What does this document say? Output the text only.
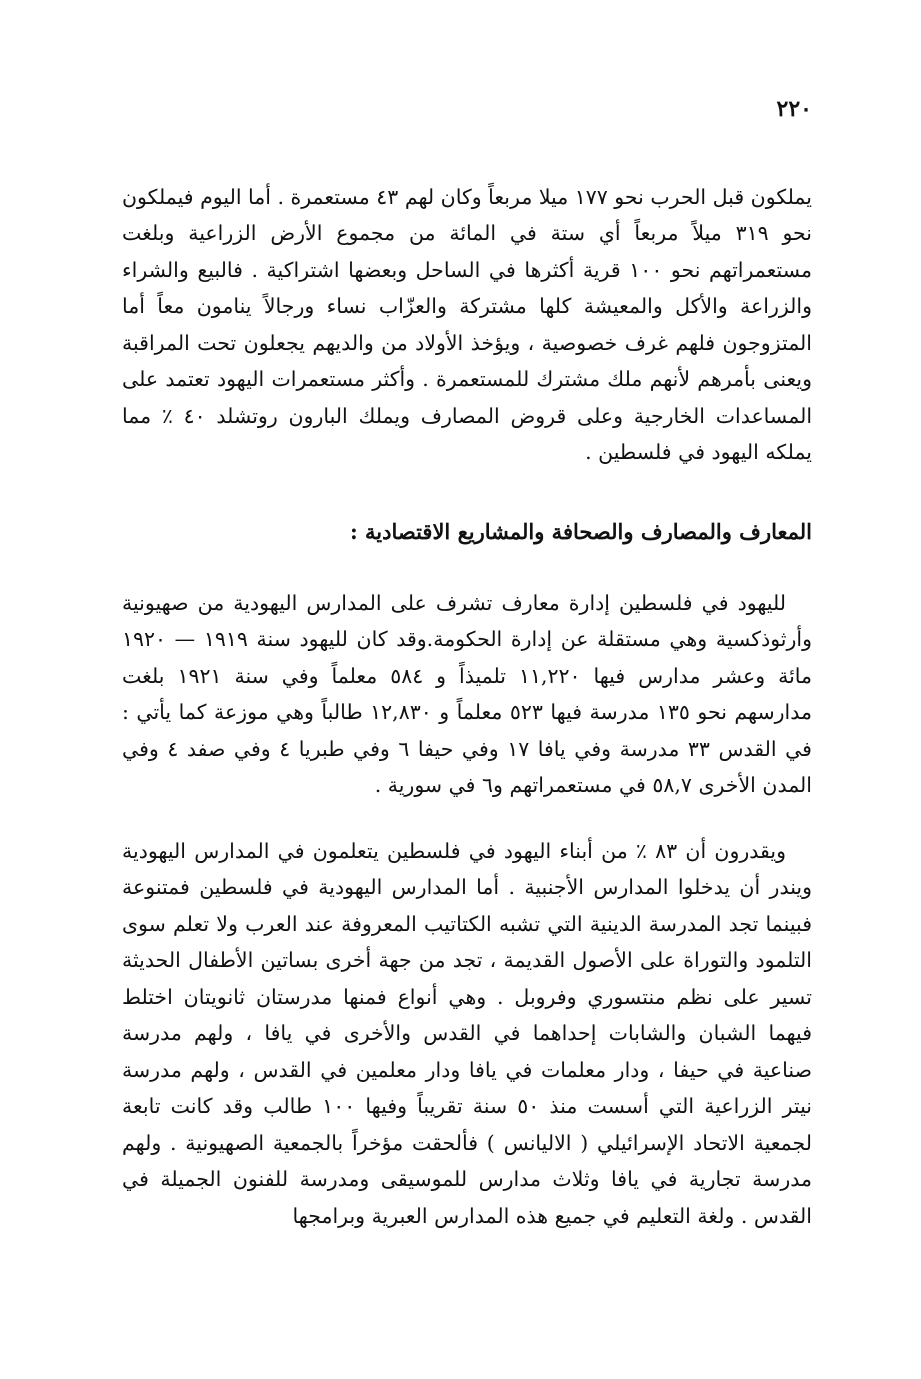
٢٢٠

يملكون قبل الحرب نحو ١٧٧ ميلا مربعاً وكان لهم ٤٣ مستعمرة . أما اليوم فيملكون نحو ٣١٩ ميلاً مربعاً أي ستة في المائة من مجموع الأرض الزراعية وبلغت مستعمراتهم نحو ١٠٠ قرية أكثرها في الساحل وبعضها اشتراكية . فالبيع والشراء والزراعة والأكل والمعيشة كلها مشتركة والعزّاب نساء ورجالاً ينامون معاً أما المتزوجون فلهم غرف خصوصية ، ويؤخذ الأولاد من والديهم يجعلون تحت المراقبة ويعنى بأمرهم لأنهم ملك مشترك للمستعمرة . وأكثر مستعمرات اليهود تعتمد على المساعدات الخارجية وعلى قروض المصارف ويملك البارون روتشلد ٤٠ ٪ مما يملكه اليهود في فلسطين .

المعارف والمصارف والصحافة والمشاريع الاقتصادية :

لليهود في فلسطين إدارة معارف تشرف على المدارس اليهودية من صهيونية وأرثوذكسية وهي مستقلة عن إدارة الحكومة.وقد كان لليهود سنة ١٩١٩ — ١٩٢٠ مائة وعشر مدارس فيها ١١,٢٢٠ تلميذاً و ٥٨٤ معلماً وفي سنة ١٩٢١ بلغت مدارسهم نحو ١٣٥ مدرسة فيها ٥٢٣ معلماً و ١٢,٨٣٠ طالباً وهي موزعة كما يأتي : في القدس ٣٣ مدرسة وفي يافا ١٧ وفي حيفا ٦ وفي طبريا ٤ وفي صفد ٤ وفي المدن الأخرى ٥٨,٧ في مستعمراتهم و٦ في سورية .

ويقدرون أن ٨٣ ٪ من أبناء اليهود في فلسطين يتعلمون في المدارس اليهودية ويندر أن يدخلوا المدارس الأجنبية . أما المدارس اليهودية في فلسطين فمتنوعة فبينما تجد المدرسة الدينية التي تشبه الكتاتيب المعروفة عند العرب ولا تعلم سوى التلمود والتوراة على الأصول القديمة ، تجد من جهة أخرى بساتين الأطفال الحديثة تسير على نظم منتسوري وفروبل . وهي أنواع فمنها مدرستان ثانويتان اختلط فيهما الشبان والشابات إحداهما في القدس والأخرى في يافا ، ولهم مدرسة صناعية في حيفا ، ودار معلمات في يافا ودار معلمين في القدس ، ولهم مدرسة نيتر الزراعية التي أسست منذ ٥٠ سنة تقريباً وفيها ١٠٠ طالب وقد كانت تابعة لجمعية الاتحاد الإسرائيلي ( الاليانس ) فألحقت مؤخراً بالجمعية الصهيونية . ولهم مدرسة تجارية في يافا وثلاث مدارس للموسيقى ومدرسة للفنون الجميلة في القدس . ولغة التعليم في جميع هذه المدارس العبرية وبرامجها
